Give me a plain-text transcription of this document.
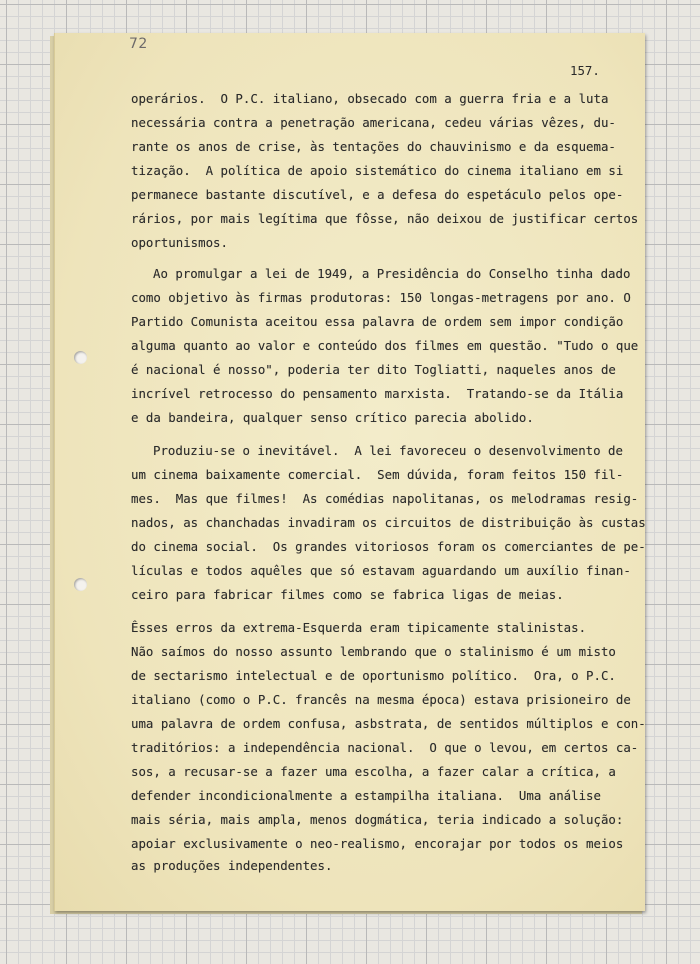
72
157.
operários.  O P.C. italiano, obsecado com a guerra fria e a luta
necessária contra a penetração americana, cedeu várias vêzes, du-
rante os anos de crise, às tentações do chauvinismo e da esquema-
tização.  A política de apoio sistemático do cinema italiano em si
permanece bastante discutível, e a defesa do espetáculo pelos ope-
rários, por mais legítima que fôsse, não deixou de justificar certos
oportunismos.
Ao promulgar a lei de 1949, a Presidência do Conselho tinha dado
como objetivo às firmas produtoras: 150 longas-metragens por ano. O
Partido Comunista aceitou essa palavra de ordem sem impor condição
alguma quanto ao valor e conteúdo dos filmes em questão. "Tudo o que
é nacional é nosso", poderia ter dito Togliatti, naqueles anos de
incrível retrocesso do pensamento marxista.  Tratando-se da Itália
e da bandeira, qualquer senso crítico parecia abolido.
Produziu-se o inevitável.  A lei favoreceu o desenvolvimento de
um cinema baixamente comercial.  Sem dúvida, foram feitos 150 fil-
mes.  Mas que filmes!  As comédias napolitanas, os melodramas resig-
nados, as chanchadas invadiram os circuitos de distribuição às custas
do cinema social.  Os grandes vitoriosos foram os comerciantes de pe-
lículas e todos aquêles que só estavam aguardando um auxílio finan-
ceiro para fabricar filmes como se fabrica ligas de meias.
Êsses erros da extrema-Esquerda eram tipicamente stalinistas.
Não saímos do nosso assunto lembrando que o stalinismo é um misto
de sectarismo intelectual e de oportunismo político.  Ora, o P.C.
italiano (como o P.C. francês na mesma época) estava prisioneiro de
uma palavra de ordem confusa, asbstrata, de sentidos múltiplos e con-
traditórios: a independência nacional.  O que o levou, em certos ca-
sos, a recusar-se a fazer uma escolha, a fazer calar a crítica, a
defender incondicionalmente a estampilha italiana.  Uma análise
mais séria, mais ampla, menos dogmática, teria indicado a solução:
apoiar exclusivamente o neo-realismo, encorajar por todos os meios
as produções independentes.
